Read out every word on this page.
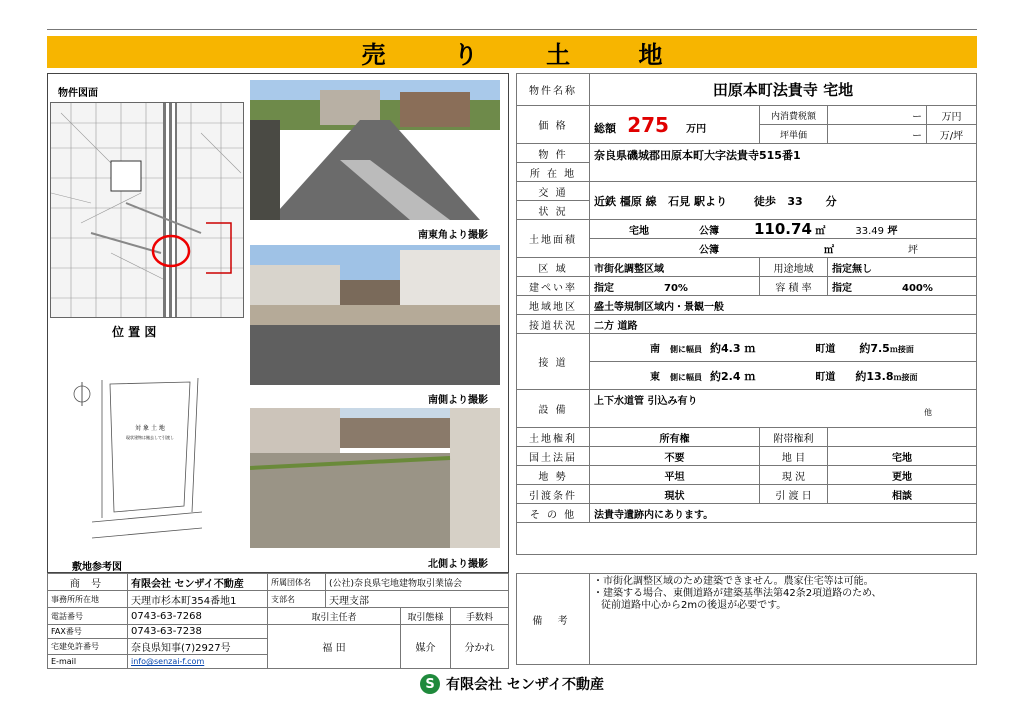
売 り 土 地
物件図面
位 置 図
対 象 土 地
現状建物は撤去して引渡し
敷地参考図
南東角より撮影
南側より撮影
北側より撮影
物件名称	田原本町法貴寺 宅地			
価 格	総額 275 万円	内消費税額	ー	万円
		坪単価	ー	万/坪
物 件	奈良県磯城郡田原本町大字法貴寺515番1			
所 在 地				
交 通	近鉄 橿原 線 石見 駅より 徒歩 33 分			
状 況				
土地面積	宅地 公簿 110.74 ㎡ 33.49 坪			
	公簿 ㎡ 坪			
区 域	市街化調整区域	用途地域	指定無し	
建ぺい率	指定 70%	容 積 率	指定 400%	
地域地区	盛土等規制区域内・景観一般			
接道状況	二方 道路			
接 道	南 側に幅員 約4.3 ｍ 町道 約7.5ｍ接面			
	東 側に幅員 約2.4 ｍ 町道 約13.8ｍ接面			
設 備	上下水道管 引込み有り
他			

土地権利	所有権	附帯権利		
国土法届	不要	地 目	宅地	
地 勢	平坦	現 況	更地	
引渡条件	現状	引 渡 日	相談	
そ の 他	法貴寺遺跡内にあります。			

商 号	有限会社 センザイ不動産	所属団体名	(公社)奈良県宅地建物取引業協会		
事務所所在地	天理市杉本町354番地1	支部名	天理支部		
電話番号	0743-63-7268	取引主任者		取引態様	手数料
FAX番号	0743-63-7238	福 田		媒介	分かれ
宅建免許番号	奈良県知事(7)2927号				
E-mail	info@senzai-f.com				
備 考	
・市街化調整区域のため建築できません。農家住宅等は可能。
・建築する場合、東側道路が建築基準法第42条2項道路のため、
従前道路中心から2mの後退が必要です。
S 有限会社 センザイ不動産
